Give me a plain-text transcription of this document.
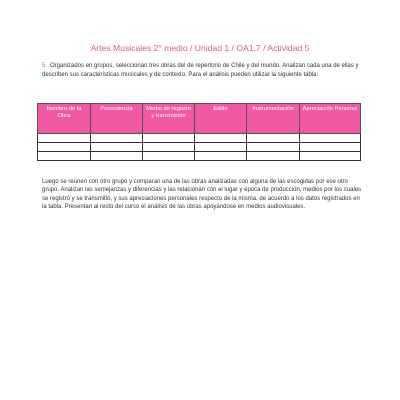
Artes Musicales 2° medio / Unidad 1 / OA1,7 / Actividad 5
5. Organizados en grupos, seleccionan tres obras del de repertorio de Chile y del mundo. Analizan cada una de ellas y describen sus características musicales y de contexto. Para el análisis pueden utilizar la siguiente tabla:
Nombre de la Obra	Procedencia	Medio de registro y transmisión	Estilo	Instrumentación	Apreciación Personal

Luego se reúnen con otro grupo y comparan una de las obras analizadas con alguna de las escogidas por ese otro grupo. Analizan las semejanzas y diferencias y las relacionan con el lugar y época de producción, medios por los cuales se registró y se transmitió, y sus apreciaciones personales respecto de la misma, de acuerdo a los datos registrados en la tabla. Presentan al resto del curso el análisis de las obras apoyándose en medios audiovisuales.
